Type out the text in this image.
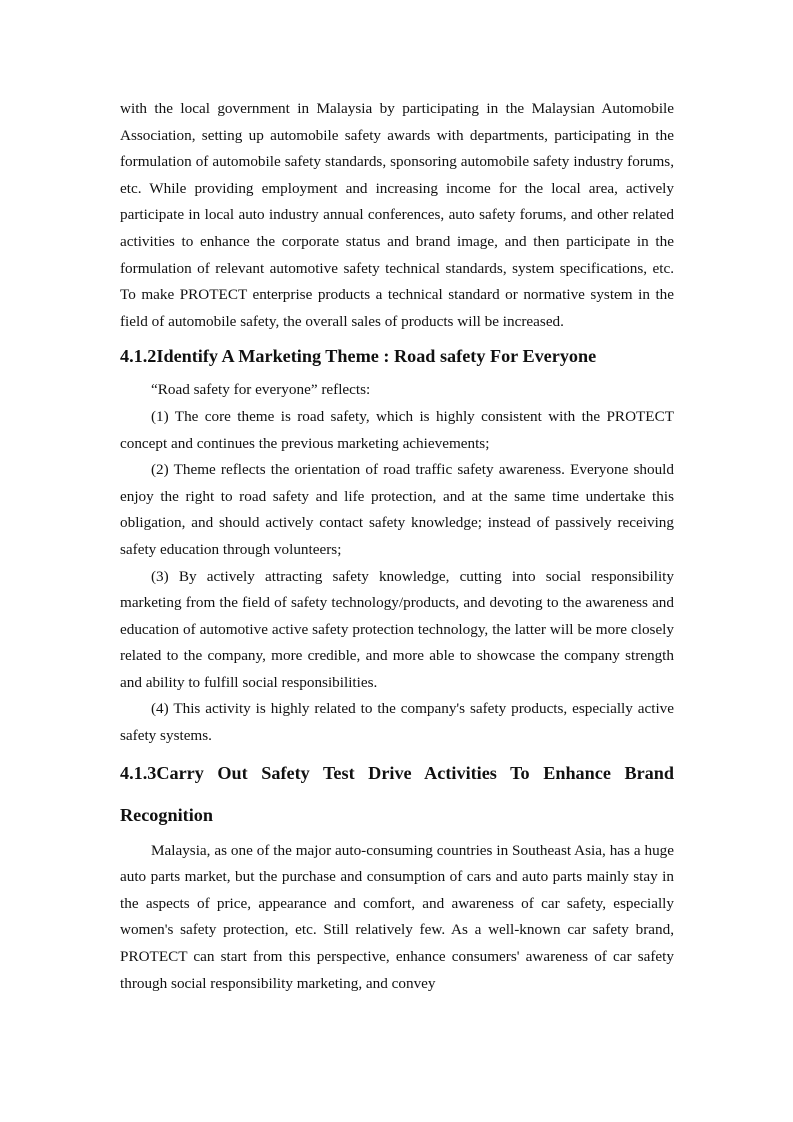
with the local government in Malaysia by participating in the Malaysian Automobile Association, setting up automobile safety awards with departments, participating in the formulation of automobile safety standards, sponsoring automobile safety industry forums, etc. While providing employment and increasing income for the local area, actively participate in local auto industry annual conferences, auto safety forums, and other related activities to enhance the corporate status and brand image, and then participate in the formulation of relevant automotive safety technical standards, system specifications, etc. To make PROTECT enterprise products a technical standard or normative system in the field of automobile safety, the overall sales of products will be increased.

4.1.2Identify A Marketing Theme : Road safety For Everyone

“Road safety for everyone” reflects:

(1) The core theme is road safety, which is highly consistent with the PROTECT concept and continues the previous marketing achievements;

(2) Theme reflects the orientation of road traffic safety awareness. Everyone should enjoy the right to road safety and life protection, and at the same time undertake this obligation, and should actively contact safety knowledge; instead of passively receiving safety education through volunteers;

(3) By actively attracting safety knowledge, cutting into social responsibility marketing from the field of safety technology/products, and devoting to the awareness and education of automotive active safety protection technology, the latter will be more closely related to the company, more credible, and more able to showcase the company strength and ability to fulfill social responsibilities.

(4) This activity is highly related to the company's safety products, especially active safety systems.

4.1.3Carry Out Safety Test Drive Activities To Enhance Brand Recognition

Malaysia, as one of the major auto-consuming countries in Southeast Asia, has a huge auto parts market, but the purchase and consumption of cars and auto parts mainly stay in the aspects of price, appearance and comfort, and awareness of car safety, especially women's safety protection, etc. Still relatively few. As a well-known car safety brand, PROTECT can start from this perspective, enhance consumers' awareness of car safety through social responsibility marketing, and convey
